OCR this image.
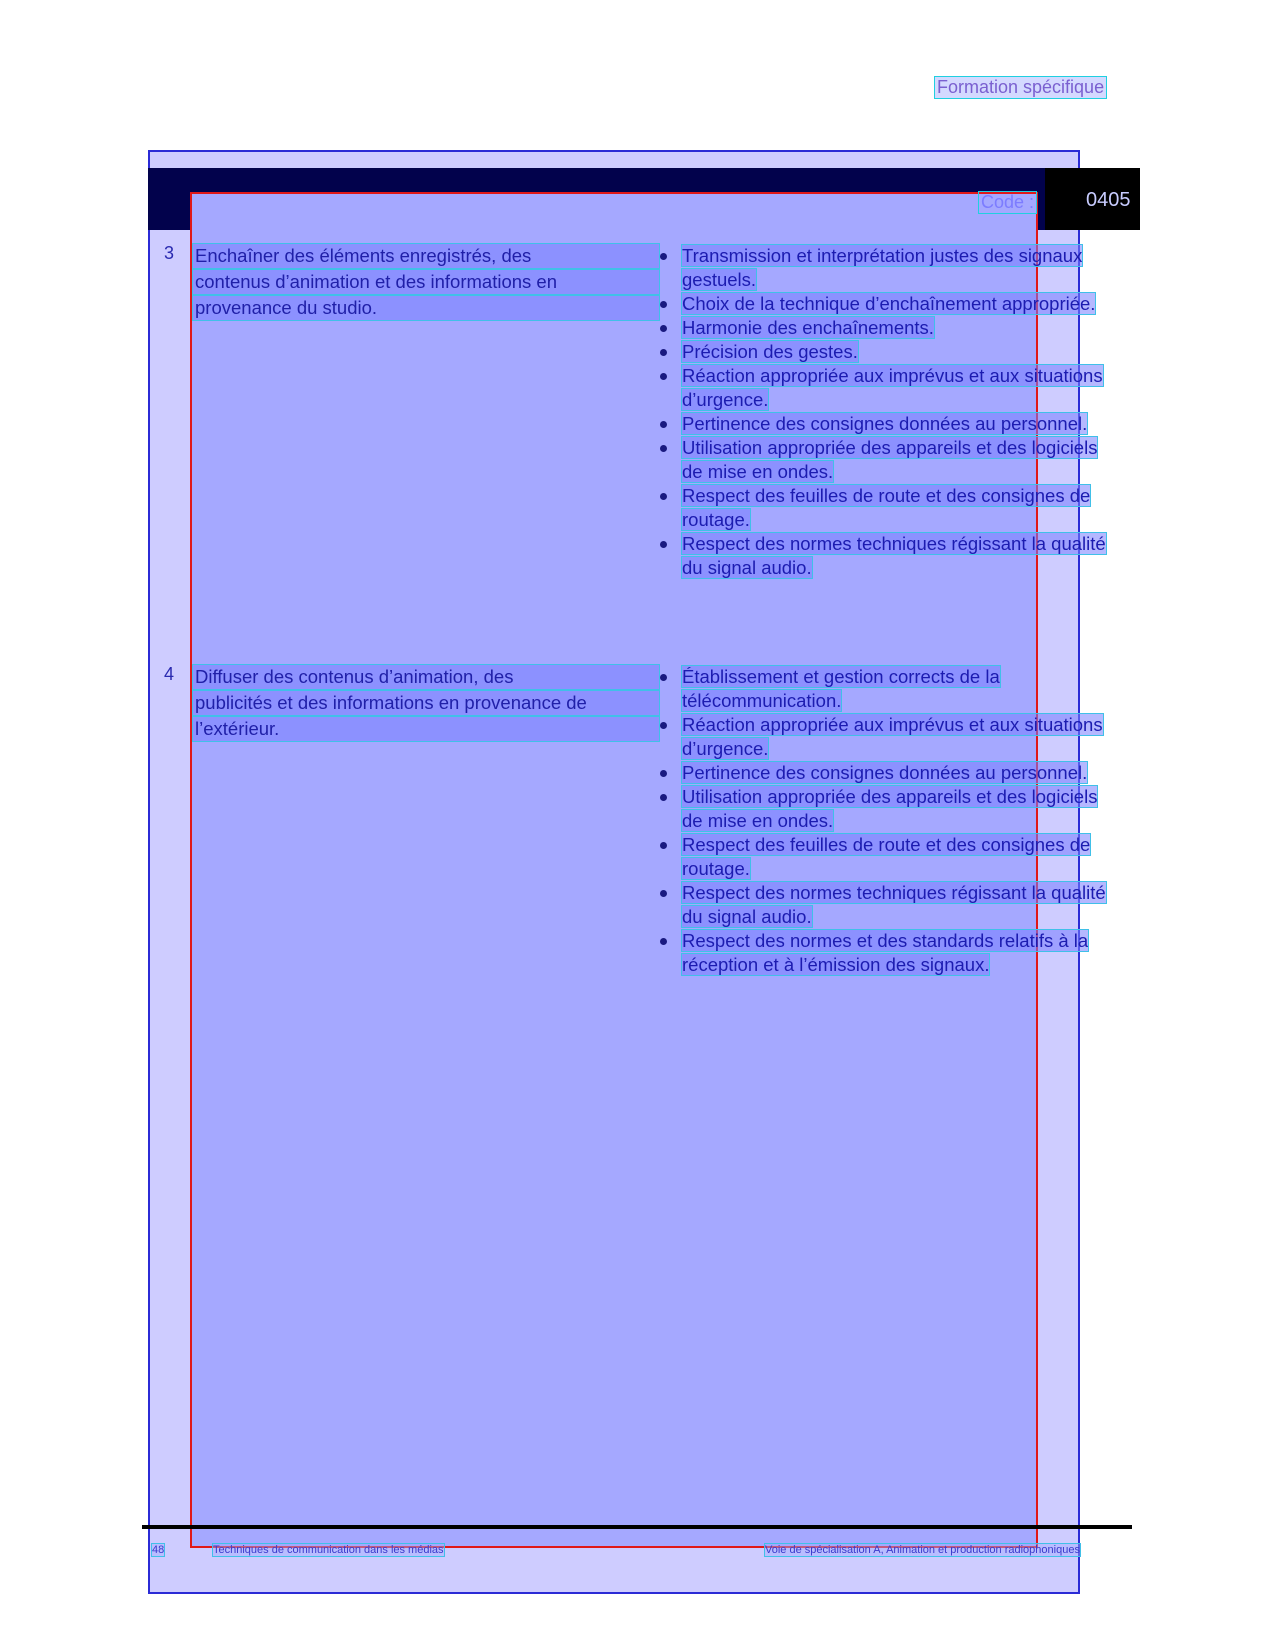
Formation spécifique
Code :	0405
3 Enchaîner des éléments enregistrés, des
contenus d’animation et des informations en
provenance du studio.

Transmission et interprétation justes des signaux gestuels.

Choix de la technique d’enchaînement appropriée.

Harmonie des enchaînements.

Précision des gestes.

Réaction appropriée aux imprévus et aux situations d’urgence.

Pertinence des consignes données au personnel.

Utilisation appropriée des appareils et des logiciels de mise en ondes.

Respect des feuilles de route et des consignes de routage.

Respect des normes techniques régissant la qualité du signal audio.

4 Diffuser des contenus d’animation, des
publicités et des informations en provenance de
l’extérieur.

Établissement et gestion corrects de la télécommunication.

Réaction appropriée aux imprévus et aux situations d’urgence.

Pertinence des consignes données au personnel.

Utilisation appropriée des appareils et des logiciels de mise en ondes.

Respect des feuilles de route et des consignes de routage.

Respect des normes techniques régissant la qualité du signal audio.

Respect des normes et des standards relatifs à la réception et à l’émission des signaux.

48	Techniques de communication dans les médias	Voie de spécialisation A, Animation et production radiophoniques
